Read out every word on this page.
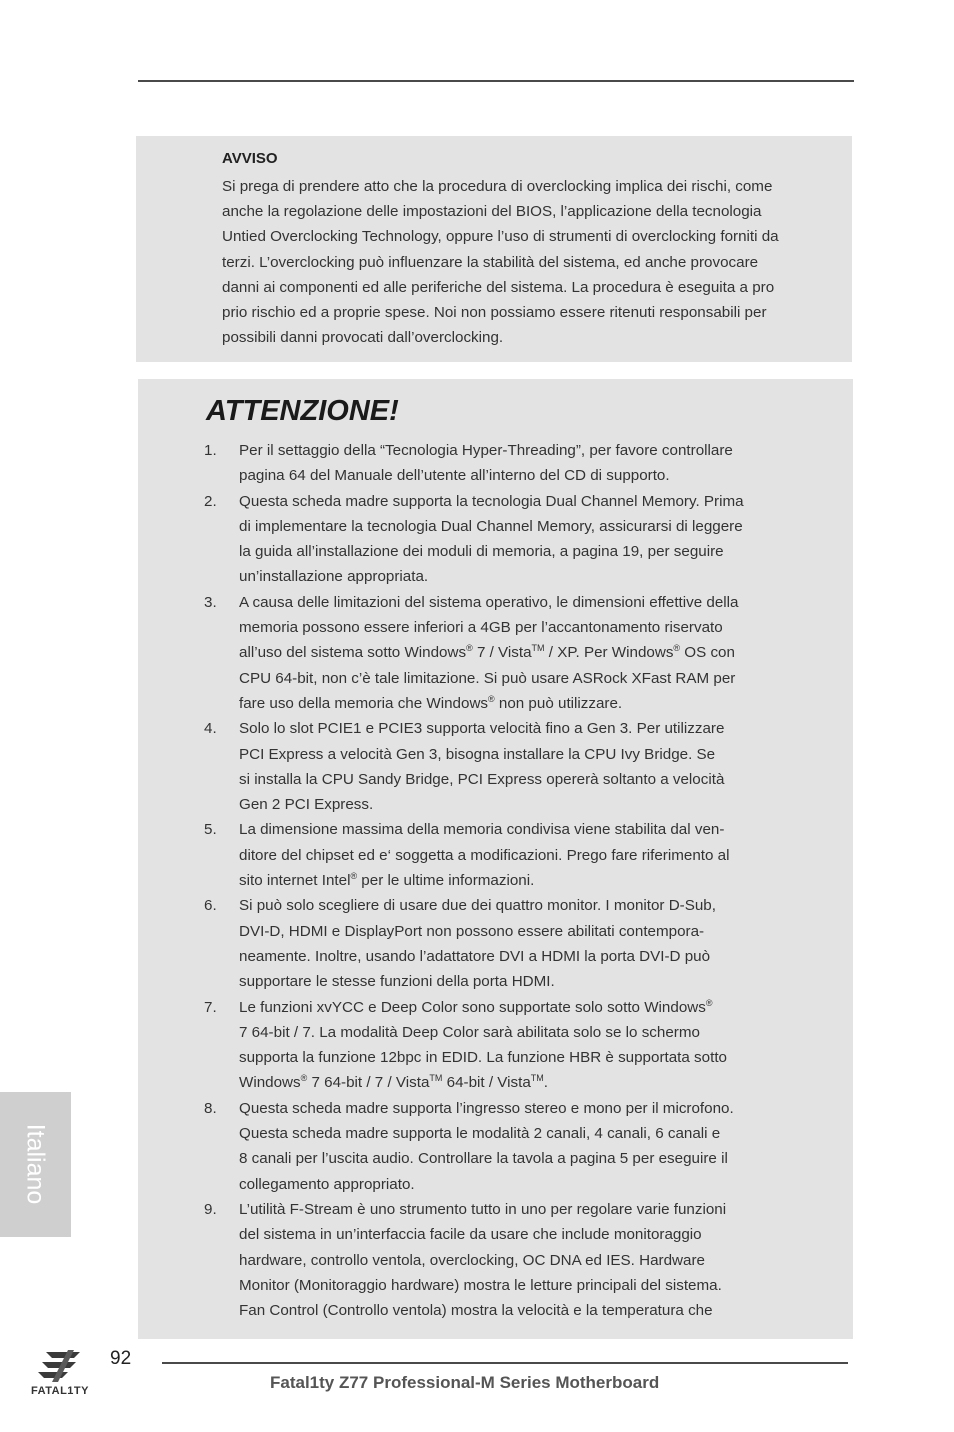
AVVISO

Si prega di prendere atto che la procedura di overclocking implica dei rischi, come
anche la regolazione delle impostazioni del BIOS, l’applicazione della tecnologia
Untied Overclocking Technology, oppure l’uso di strumenti di overclocking forniti da
terzi. L’overclocking può influenzare la stabilità del sistema, ed anche provocare
danni ai componenti ed alle periferiche del sistema. La procedura è eseguita a pro
prio rischio ed a proprie spese. Noi non possiamo essere ritenuti responsabili per
possibili danni provocati dall’overclocking.

ATTENZIONE!
1. Per il settaggio della “Tecnologia Hyper-Threading”, per favore controllare
pagina 64 del Manuale dell’utente all’interno del CD di supporto.
2. Questa scheda madre supporta la tecnologia Dual Channel Memory. Prima
di implementare la tecnologia Dual Channel Memory, assicurarsi di leggere
la guida all’installazione dei moduli di memoria, a pagina 19, per seguire
un’installazione appropriata.
3. A causa delle limitazioni del sistema operativo, le dimensioni effettive della
memoria possono essere inferiori a 4GB per l’accantonamento riservato
all’uso del sistema sotto Windows® 7 / Vista™ / XP. Per Windows® OS con
CPU 64-bit, non c’è tale limitazione. Si può usare ASRock XFast RAM per
fare uso della memoria che Windows® non può utilizzare.
4. Solo lo slot PCIE1 e PCIE3 supporta velocità fino a Gen 3. Per utilizzare
PCI Express a velocità Gen 3, bisogna installare la CPU Ivy Bridge. Se
si installa la CPU Sandy Bridge, PCI Express opererà soltanto a velocità
Gen 2 PCI Express.
5. La dimensione massima della memoria condivisa viene stabilita dal ven-
ditore del chipset ed e‘ soggetta a modificazioni. Prego fare riferimento al
sito internet Intel® per le ultime informazioni.
6. Si può solo scegliere di usare due dei quattro monitor. I monitor D-Sub,
DVI-D, HDMI e DisplayPort non possono essere abilitati contempora-
neamente. Inoltre, usando l’adattatore DVI a HDMI la porta DVI-D può
supportare le stesse funzioni della porta HDMI.
7. Le funzioni xvYCC e Deep Color sono supportate solo sotto Windows®
7 64-bit / 7. La modalità Deep Color sarà abilitata solo se lo schermo
supporta la funzione 12bpc in EDID. La funzione HBR è supportata sotto
Windows® 7 64-bit / 7 / Vista™ 64-bit / Vista™.
8. Questa scheda madre supporta l’ingresso stereo e mono per il microfono.
Questa scheda madre supporta le modalità 2 canali, 4 canali, 6 canali e
8 canali per l’uscita audio. Controllare la tavola a pagina 5 per eseguire il
collegamento appropriato.
9. L’utilità F-Stream è uno strumento tutto in uno per regolare varie funzioni
del sistema in un’interfaccia facile da usare che include monitoraggio
hardware, controllo ventola, overclocking, OC DNA ed IES. Hardware
Monitor (Monitoraggio hardware) mostra le letture principali del sistema.
Fan Control (Controllo ventola) mostra la velocità e la temperatura che
Italiano
FATAL1TY
92
Fatal1ty Z77 Professional-M Series Motherboard
